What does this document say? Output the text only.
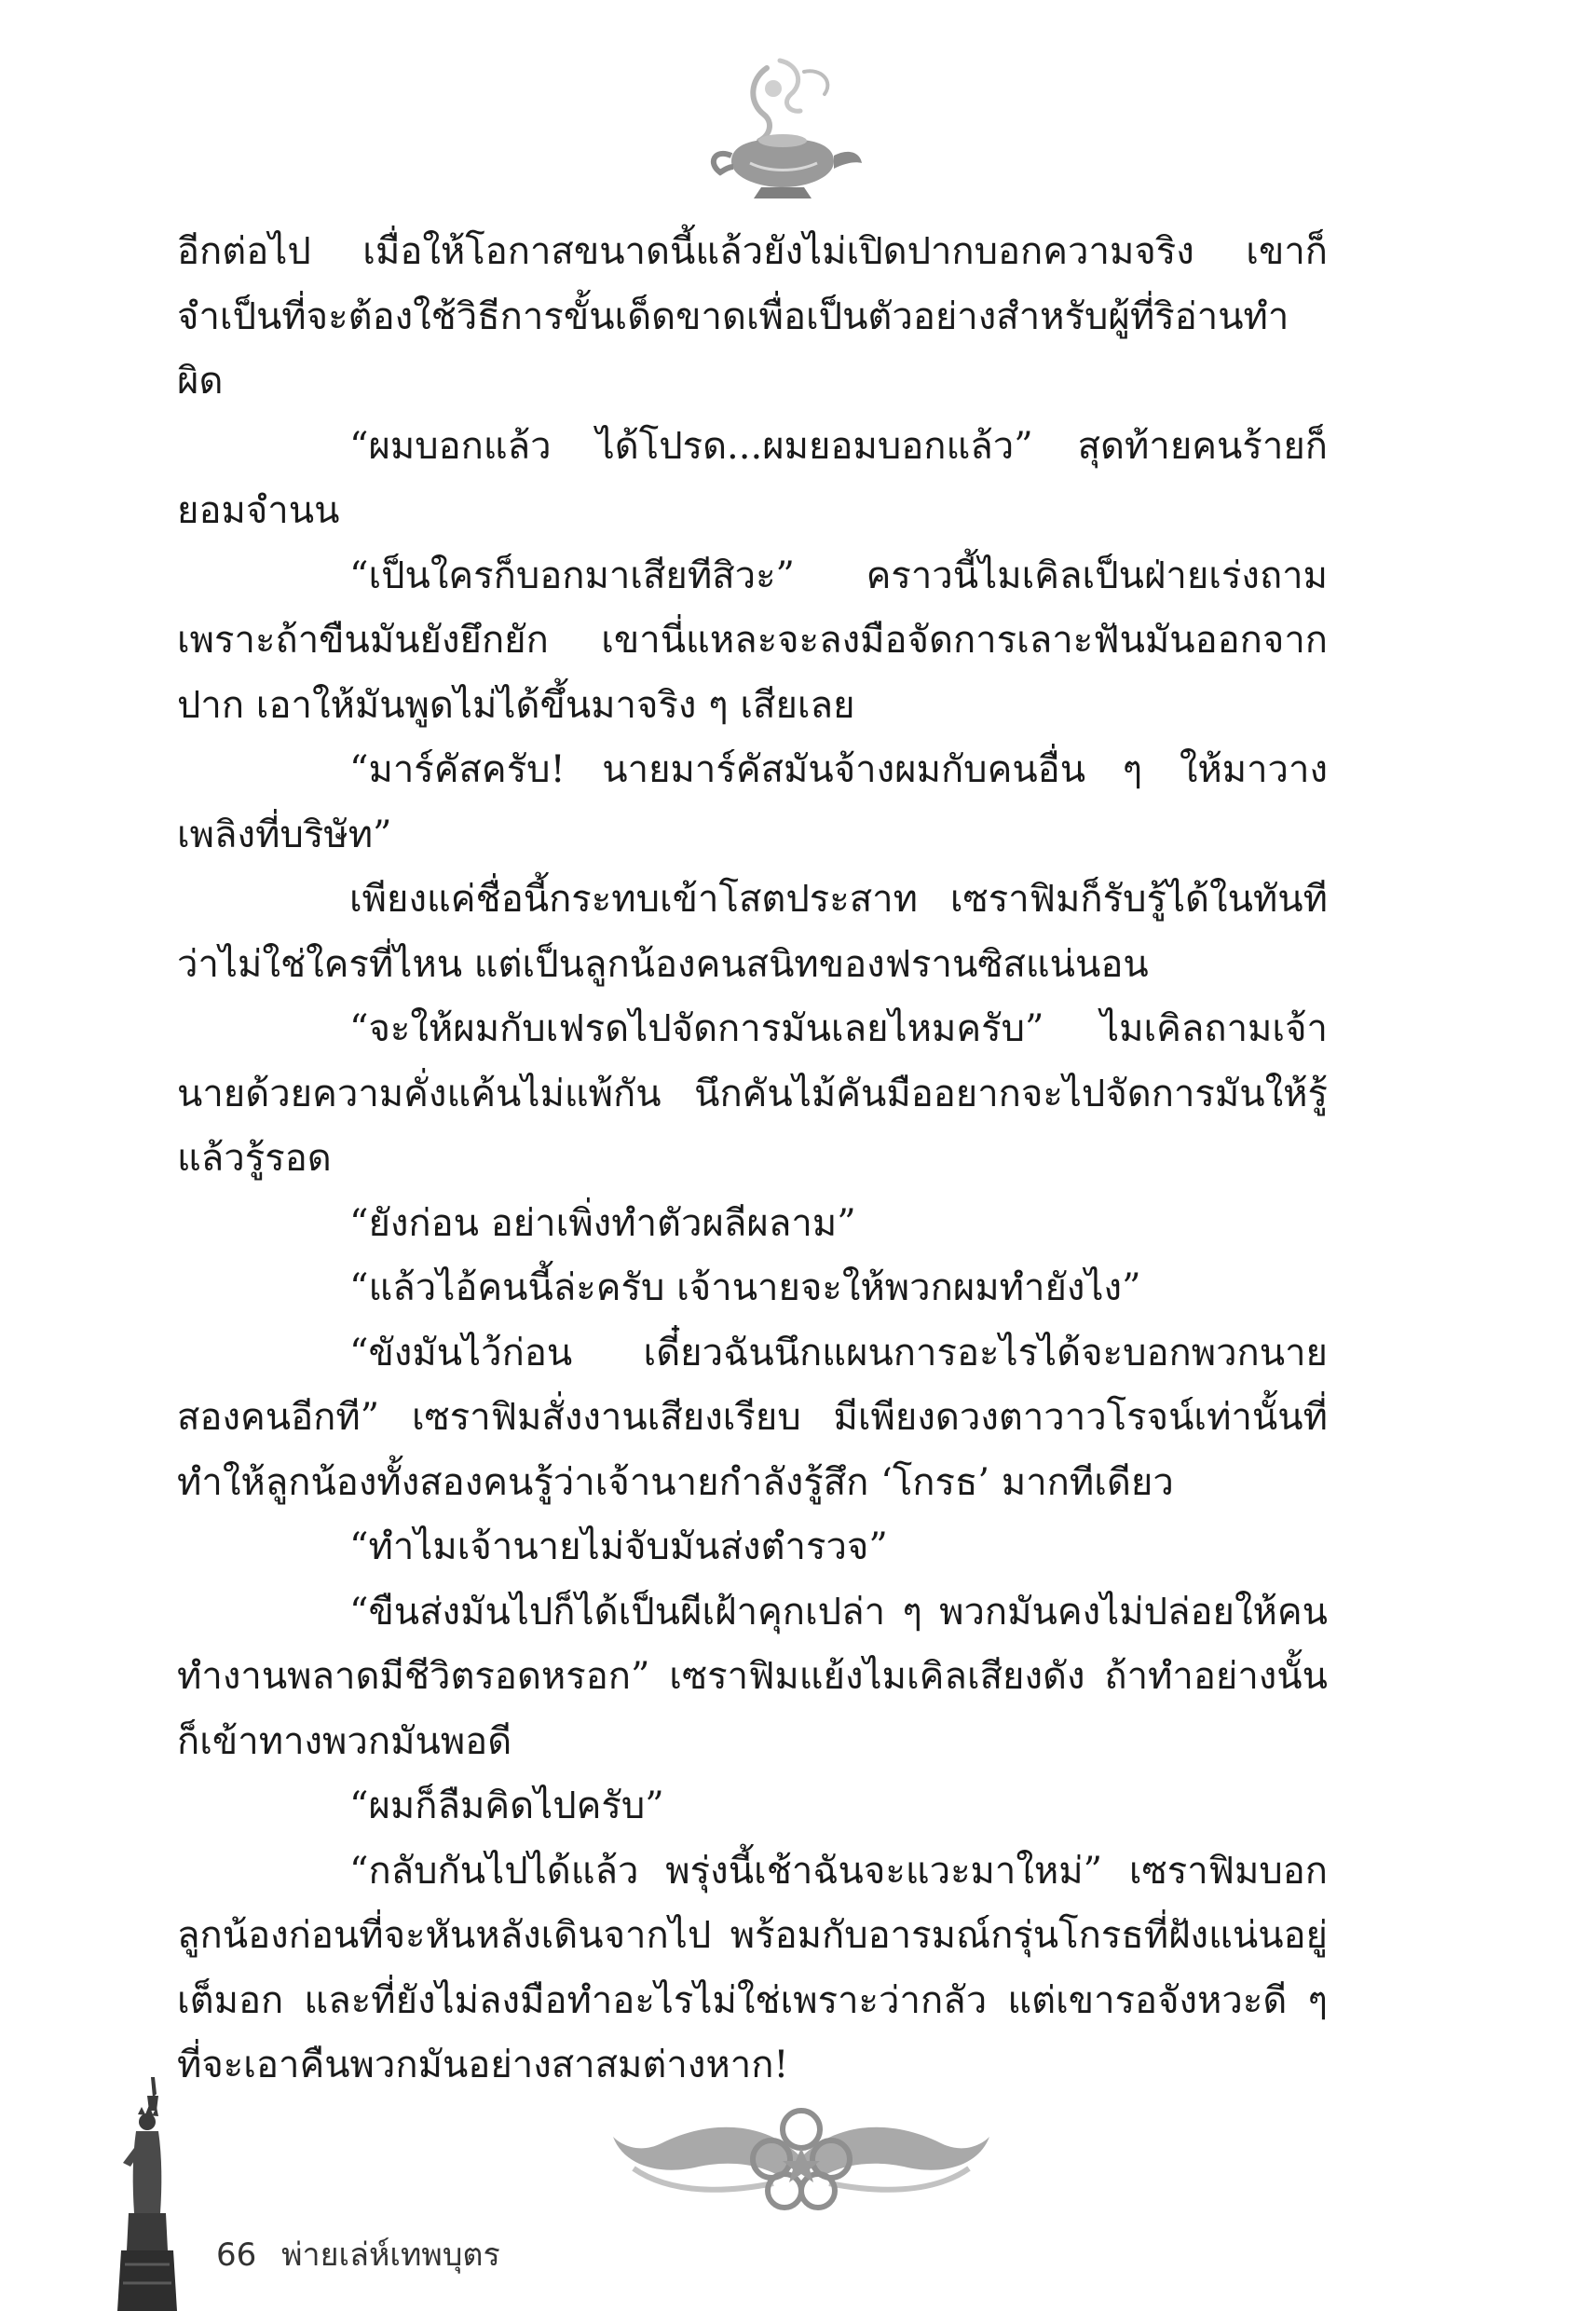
อีกต่อไป เมื่อให้โอกาสขนาดนี้แล้วยังไม่เปิดปากบอกความจริง เขาก็จำเป็นที่จะต้องใช้วิธีการขั้นเด็ดขาดเพื่อเป็นตัวอย่างสำหรับผู้ที่ริอ่านทำผิด

“ผมบอกแล้ว ได้โปรด...ผมยอมบอกแล้ว” สุดท้ายคนร้ายก็ยอมจำนน

“เป็นใครก็บอกมาเสียทีสิวะ” คราวนี้ไมเคิลเป็นฝ่ายเร่งถาม เพราะถ้าขืนมันยังยึกยัก เขานี่แหละจะลงมือจัดการเลาะฟันมันออกจากปาก เอาให้มันพูดไม่ได้ขึ้นมาจริง ๆ เสียเลย

“มาร์คัสครับ! นายมาร์คัสมันจ้างผมกับคนอื่น ๆ ให้มาวางเพลิงที่บริษัท”

เพียงแค่ชื่อนี้กระทบเข้าโสตประสาท เซราฟิมก็รับรู้ได้ในทันทีว่าไม่ใช่ใครที่ไหน แต่เป็นลูกน้องคนสนิทของฟรานซิสแน่นอน

“จะให้ผมกับเฟรดไปจัดการมันเลยไหมครับ” ไมเคิลถามเจ้านายด้วยความคั่งแค้นไม่แพ้กัน นึกคันไม้คันมืออยากจะไปจัดการมันให้รู้แล้วรู้รอด

“ยังก่อน อย่าเพิ่งทำตัวผลีผลาม”

“แล้วไอ้คนนี้ล่ะครับ เจ้านายจะให้พวกผมทำยังไง”

“ขังมันไว้ก่อน เดี๋ยวฉันนึกแผนการอะไรได้จะบอกพวกนายสองคนอีกที” เซราฟิมสั่งงานเสียงเรียบ มีเพียงดวงตาวาวโรจน์เท่านั้นที่ทำให้ลูกน้องทั้งสองคนรู้ว่าเจ้านายกำลังรู้สึก ‘โกรธ’ มากทีเดียว

“ทำไมเจ้านายไม่จับมันส่งตำรวจ”

“ขืนส่งมันไปก็ได้เป็นผีเฝ้าคุกเปล่า ๆ พวกมันคงไม่ปล่อยให้คนทำงานพลาดมีชีวิตรอดหรอก” เซราฟิมแย้งไมเคิลเสียงดัง ถ้าทำอย่างนั้นก็เข้าทางพวกมันพอดี

“ผมก็ลืมคิดไปครับ”

“กลับกันไปได้แล้ว พรุ่งนี้เช้าฉันจะแวะมาใหม่” เซราฟิมบอกลูกน้องก่อนที่จะหันหลังเดินจากไป พร้อมกับอารมณ์กรุ่นโกรธที่ฝังแน่นอยู่เต็มอก และที่ยังไม่ลงมือทำอะไรไม่ใช่เพราะว่ากลัว แต่เขารอจังหวะดี ๆ ที่จะเอาคืนพวกมันอย่างสาสมต่างหาก!

66 พ่ายเล่ห์เทพบุตร
